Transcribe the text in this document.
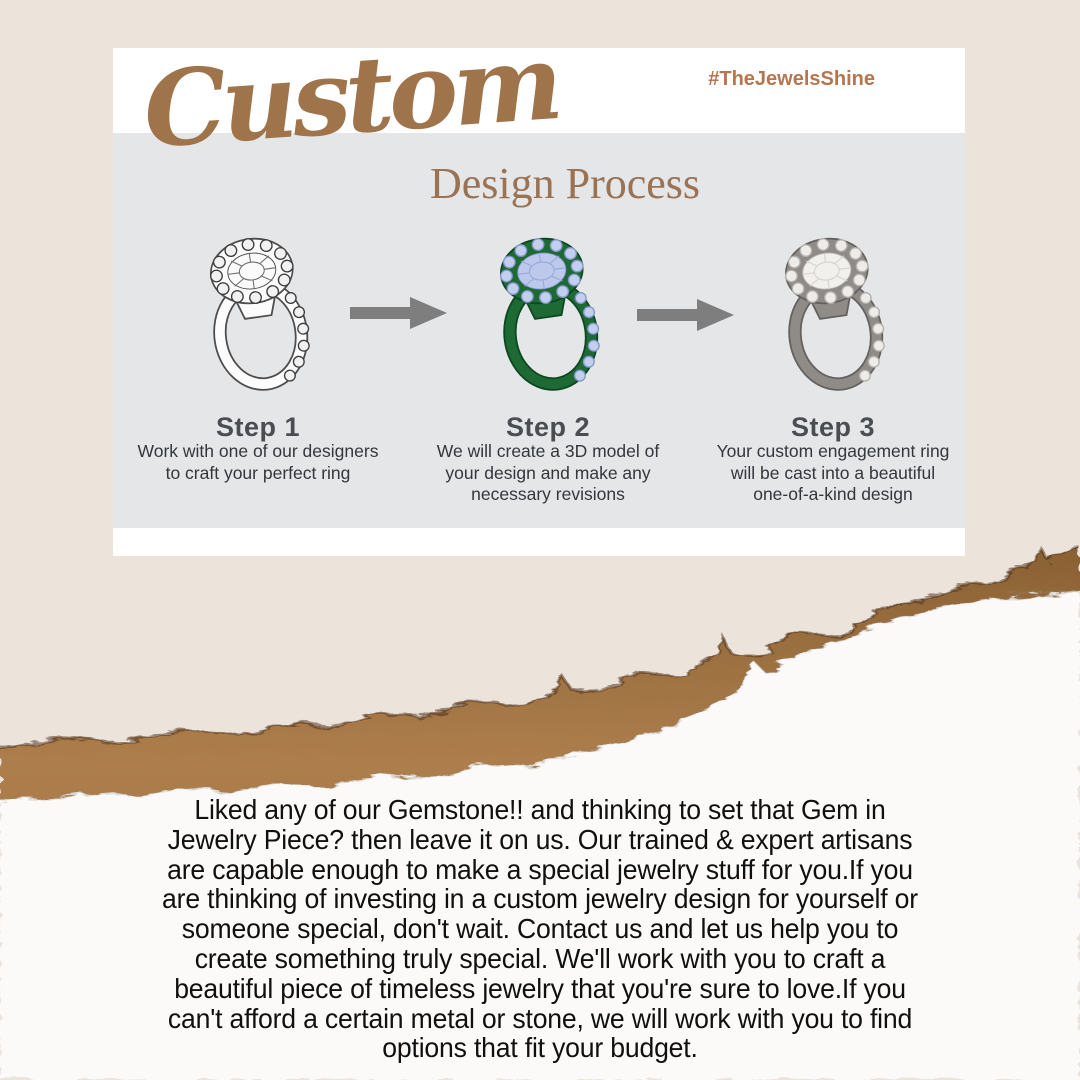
Custom
Design Process
#TheJewelsShine
Step 1
Work with one of our designers
to craft your perfect ring
Step 2
We will create a 3D model of
your design and make any
necessary revisions
Step 3
Your custom engagement ring
will be cast into a beautiful
one-of-a-kind design
Liked any of our Gemstone!! and thinking to set that Gem in
Jewelry Piece? then leave it on us. Our trained & expert artisans
are capable enough to make a special jewelry stuff for you.If you
are thinking of investing in a custom jewelry design for yourself or
someone special, don't wait. Contact us and let us help you to
create something truly special. We'll work with you to craft a
beautiful piece of timeless jewelry that you're sure to love.If you
can't afford a certain metal or stone, we will work with you to find
options that fit your budget.
